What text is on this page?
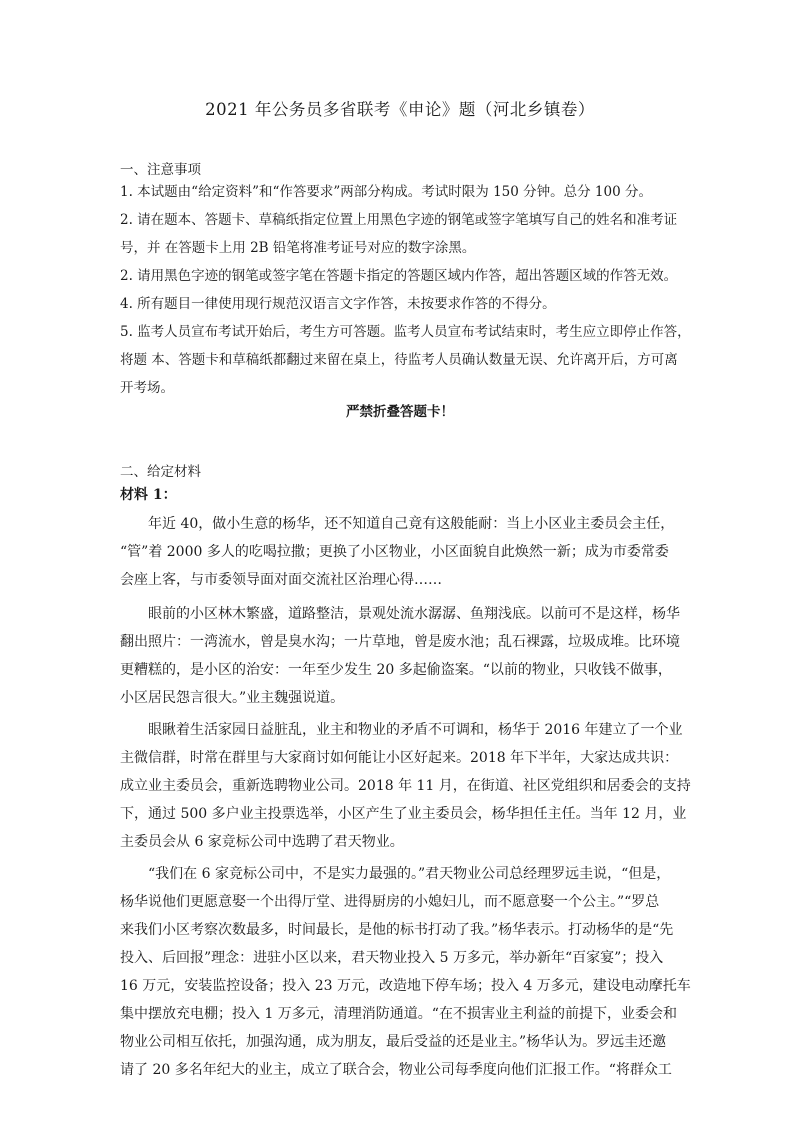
2021 年公务员多省联考《申论》题（河北乡镇卷）
一、注意事项
1. 本试题由“给定资料”和“作答要求”两部分构成。考试时限为 150 分钟。总分 100 分。
2. 请在题本、答题卡、草稿纸指定位置上用黑色字迹的钢笔或签字笔填写自己的姓名和准考证
号，并 在答题卡上用 2B 铅笔将准考证号对应的数字涂黑。
2. 请用黑色字迹的钢笔或签字笔在答题卡指定的答题区域内作答，超出答题区域的作答无效。
4. 所有题目一律使用现行规范汉语言文字作答，未按要求作答的不得分。
5. 监考人员宣布考试开始后，考生方可答题。监考人员宣布考试结束时，考生应立即停止作答，
将题 本、答题卡和草稿纸都翻过来留在桌上，待监考人员确认数量无误、允许离开后，方可离
开考场。
严禁折叠答题卡！
二、给定材料
材料 1：
年近 40，做小生意的杨华，还不知道自己竟有这般能耐：当上小区业主委员会主任，
“管”着 2000 多人的吃喝拉撒；更换了小区物业，小区面貌自此焕然一新；成为市委常委
会座上客，与市委领导面对面交流社区治理心得……
眼前的小区林木繁盛，道路整洁，景观处流水潺潺、鱼翔浅底。以前可不是这样，杨华
翻出照片：一湾流水，曾是臭水沟；一片草地，曾是废水池；乱石裸露，垃圾成堆。比环境
更糟糕的，是小区的治安：一年至少发生 20 多起偷盗案。“以前的物业，只收钱不做事，
小区居民怨言很大。”业主魏强说道。
眼瞅着生活家园日益脏乱，业主和物业的矛盾不可调和，杨华于 2016 年建立了一个业
主微信群，时常在群里与大家商讨如何能让小区好起来。2018 年下半年，大家达成共识：
成立业主委员会，重新选聘物业公司。2018 年 11 月，在街道、社区党组织和居委会的支持
下，通过 500 多户业主投票选举，小区产生了业主委员会，杨华担任主任。当年 12 月，业
主委员会从 6 家竞标公司中选聘了君天物业。
“我们在 6 家竞标公司中，不是实力最强的。”君天物业公司总经理罗远圭说，“但是，
杨华说他们更愿意娶一个出得厅堂、进得厨房的小媳妇儿，而不愿意娶一个公主。”“罗总
来我们小区考察次数最多，时间最长，是他的标书打动了我。”杨华表示。打动杨华的是“先
投入、后回报”理念：进驻小区以来，君天物业投入 5 万多元，举办新年“百家宴”；投入
16 万元，安装监控设备；投入 23 万元，改造地下停车场；投入 4 万多元，建设电动摩托车
集中摆放充电棚；投入 1 万多元，清理消防通道。“在不损害业主利益的前提下，业委会和
物业公司相互依托，加强沟通，成为朋友，最后受益的还是业主。”杨华认为。罗远圭还邀
请了 20 多名年纪大的业主，成立了联合会，物业公司每季度向他们汇报工作。“将群众工
